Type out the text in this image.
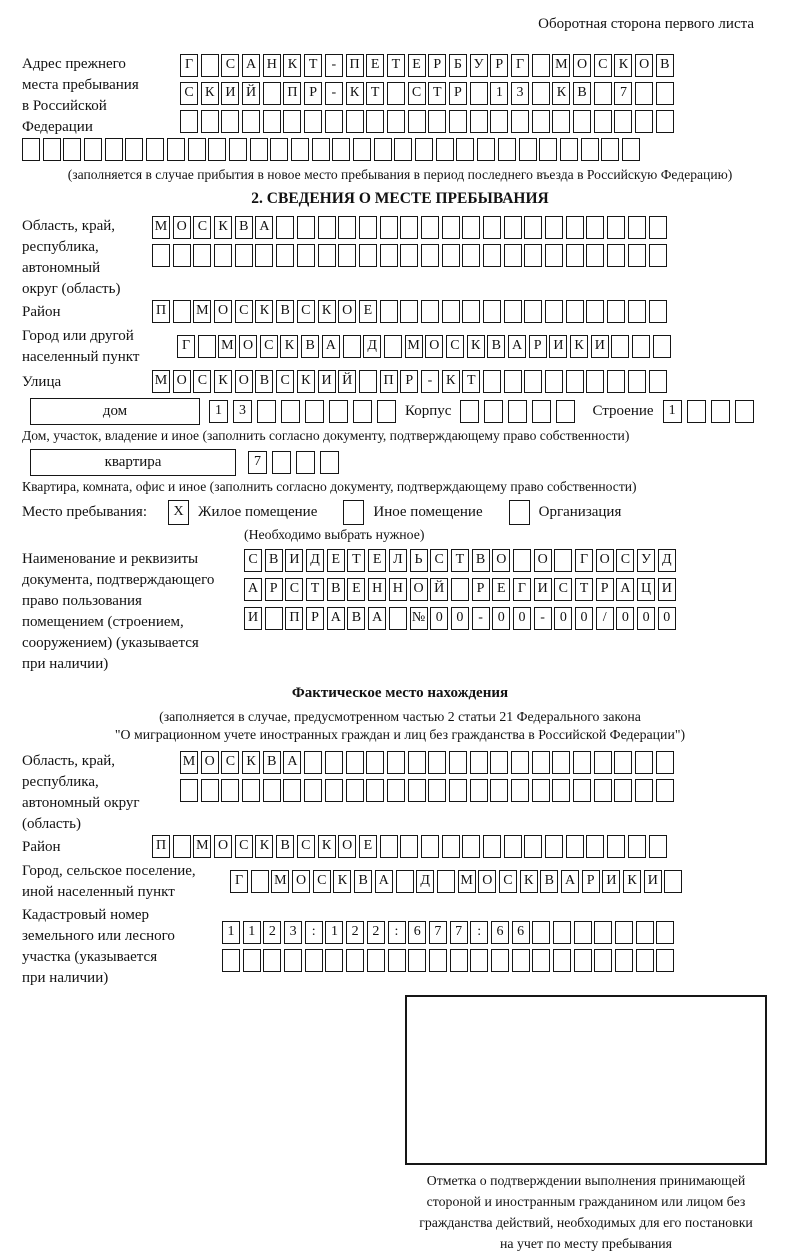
Оборотная сторона первого листа
Адрес прежнего
места пребывания
в Российской
Федерации
Г	С А Н К Т	- П Е Т Е Р Б У Р Г	М О С К О В
С К И Й П Р	- К Т	С Т Р	1 3	К В	7
(заполняется в случае прибытия в новое место пребывания в период последнего въезда в Российскую Федерацию)
2. СВЕДЕНИЯ О МЕСТЕ ПРЕБЫВАНИЯ
Область, край,
республика,
автономный
округ (область)
М О С К В А
Район	П М О С К В С К О Е
Город или другой
населенный пункт
Г	М О С К В А	Д	М О С К В А Р И К И
Улица	М О С К О В С К И Й П Р	- К Т
дом	1	3	Корпус	Строение	1
Дом, участок, владение и иное (заполнить согласно документу, подтверждающему право собственности)
квартира	7
Квартира, комната, офис и иное (заполнить согласно документу, подтверждающему право собственности)
Место пребывания:	X Жилое помещение	Иное помещение	Организация
(Необходимо выбрать нужное)
Наименование и реквизиты
документа, подтверждающего
право пользования
помещением (строением,
сооружением) (указывается
при наличии)
С В И Д Е Т Е Л Ь С Т В О О	Г О С У Д
А Р С Т В Е Н Н О Й	Р Е Г И С Т Р А Ц И
И П Р А В А № 0 0	-	0 0	-	0 0	/	0 0 0
Фактическое место нахождения
(заполняется в случае, предусмотренном частью 2 статьи 21 Федерального закона
"О миграционном учете иностранных граждан и лиц без гражданства в Российской Федерации")
Область, край,
республика,
автономный округ
(область)
М О С К В А
Район	П М О С К В С К О Е
Город, сельское поселение,
иной населенный пункт
Г	М О С К В А	Д	М О С К В А Р И К И
Кадастровый номер
земельного или лесного
участка (указывается
при наличии)
1 1 2 3	:	1 2 2	:	6 7 7	:	6 6
Отметка о подтверждении выполнения принимающей
стороной и иностранным гражданином или лицом без
гражданства действий, необходимых для его постановки
на учет по месту пребывания
